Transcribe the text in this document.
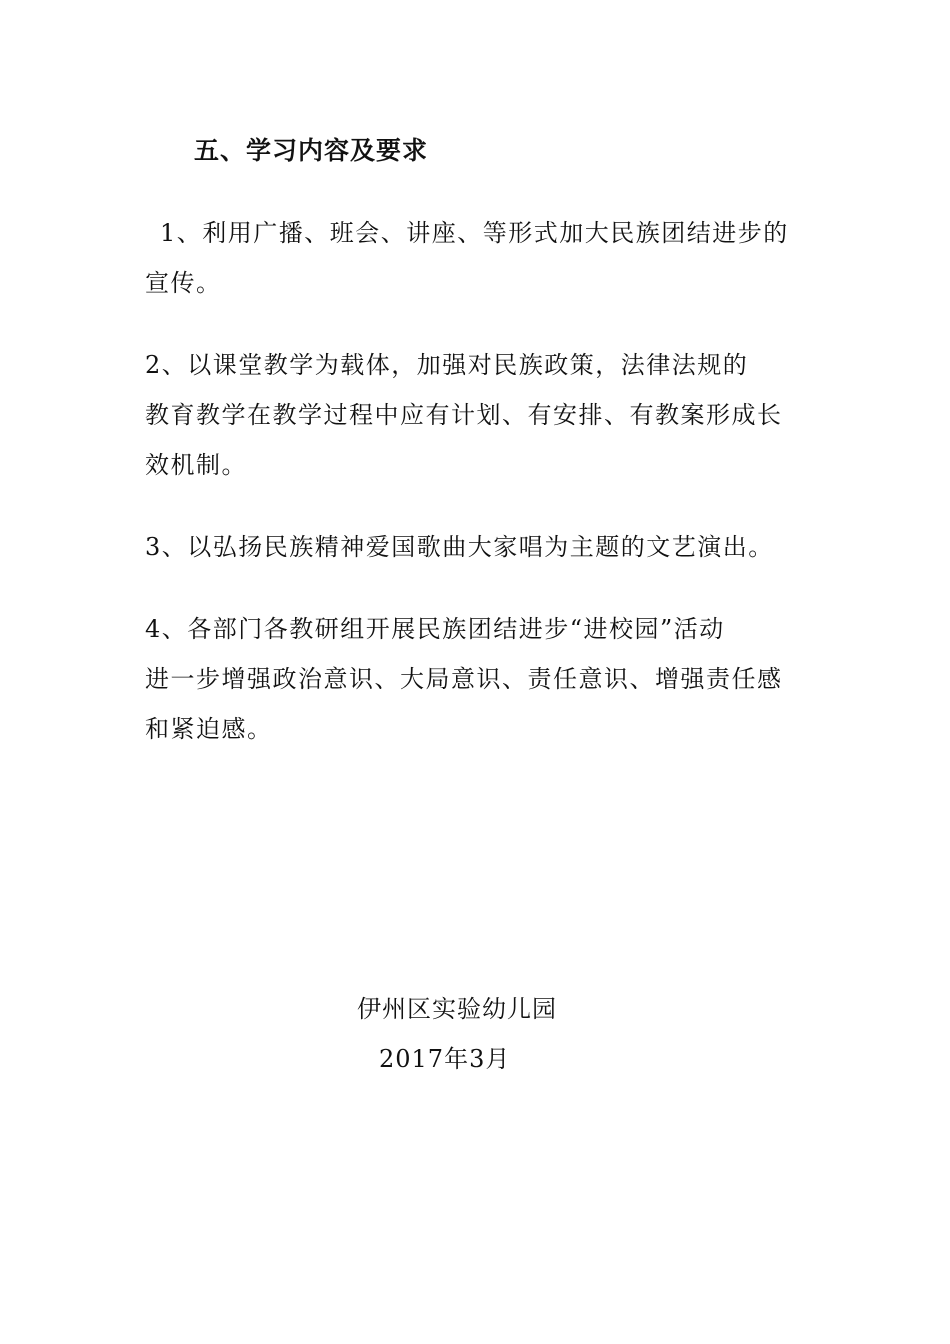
五、学习内容及要求
1、利用广播、班会、讲座、等形式加大民族团结进步的
宣传。
2、以课堂教学为载体，加强对民族政策，法律法规的
教育教学在教学过程中应有计划、有安排、有教案形成长
效机制。
3、以弘扬民族精神爱国歌曲大家唱为主题的文艺演出。
4、各部门各教研组开展民族团结进步“进校园”活动
进一步增强政治意识、大局意识、责任意识、增强责任感
和紧迫感。
伊州区实验幼儿园
2017年3月
